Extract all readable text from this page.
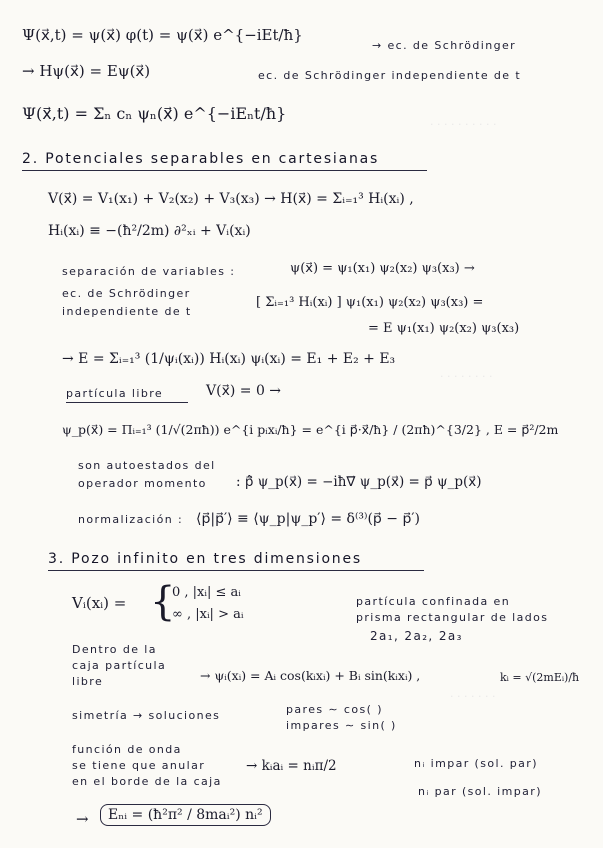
· · · · · · · · · ·
· · · · · · · ·
· · · · · · ·
Ψ(x⃗,t) = ψ(x⃗) φ(t) = ψ(x⃗) e^{−iEt/ħ}
→ ec. de Schrödinger
→ Hψ(x⃗) = Eψ(x⃗)	ec. de Schrödinger independiente de t
Ψ(x⃗,t) = Σₙ cₙ ψₙ(x⃗) e^{−iEₙt/ħ}
2. Potenciales separables en cartesianas
V(x⃗) = V₁(x₁) + V₂(x₂) + V₃(x₃) → H(x⃗) = Σᵢ₌₁³ Hᵢ(xᵢ) ,
Hᵢ(xᵢ) ≡ −(ħ²/2m) ∂²ₓᵢ + Vᵢ(xᵢ)
separación de variables :	ψ(x⃗) = ψ₁(x₁) ψ₂(x₂) ψ₃(x₃) →
ec. de Schrödinger
independiente de t
[ Σᵢ₌₁³ Hᵢ(xᵢ) ] ψ₁(x₁) ψ₂(x₂) ψ₃(x₃) =
= E ψ₁(x₁) ψ₂(x₂) ψ₃(x₃)
→ E = Σᵢ₌₁³ (1/ψᵢ(xᵢ)) Hᵢ(xᵢ) ψᵢ(xᵢ) = E₁ + E₂ + E₃
partícula libre	V(x⃗) = 0 →
ψ_p(x⃗) = Πᵢ₌₁³ (1/√(2πħ)) e^{i pᵢxᵢ/ħ} = e^{i p⃗·x⃗/ħ} / (2πħ)^{3/2} , E = p⃗²/2m
son autoestados del
operador momento : p̂⃗ ψ_p(x⃗) = −iħ∇⃗ ψ_p(x⃗) = p⃗ ψ_p(x⃗)
normalización : ⟨p⃗|p⃗′⟩ ≡ ⟨ψ_p|ψ_p′⟩ = δ⁽³⁾(p⃗ − p⃗′)
3. Pozo infinito en tres dimensiones
Vᵢ(xᵢ) = {
0 , |xᵢ| ≤ aᵢ
∞ , |xᵢ| > aᵢ
partícula confinada en
prisma rectangular de lados
2a₁, 2a₂, 2a₃
Dentro de la
caja partícula
libre	→ ψᵢ(xᵢ) = Aᵢ cos(kᵢxᵢ) + Bᵢ sin(kᵢxᵢ) ,	kᵢ = √(2mEᵢ)/ħ
simetría → soluciones	pares ∼ cos( )
impares ∼ sin( )
función de onda
se tiene que anular
en el borde de la caja
→ kᵢaᵢ = nᵢπ/2	nᵢ impar (sol. par)
nᵢ par (sol. impar)
→	Eₙᵢ = (ħ²π² / 8maᵢ²) nᵢ²
